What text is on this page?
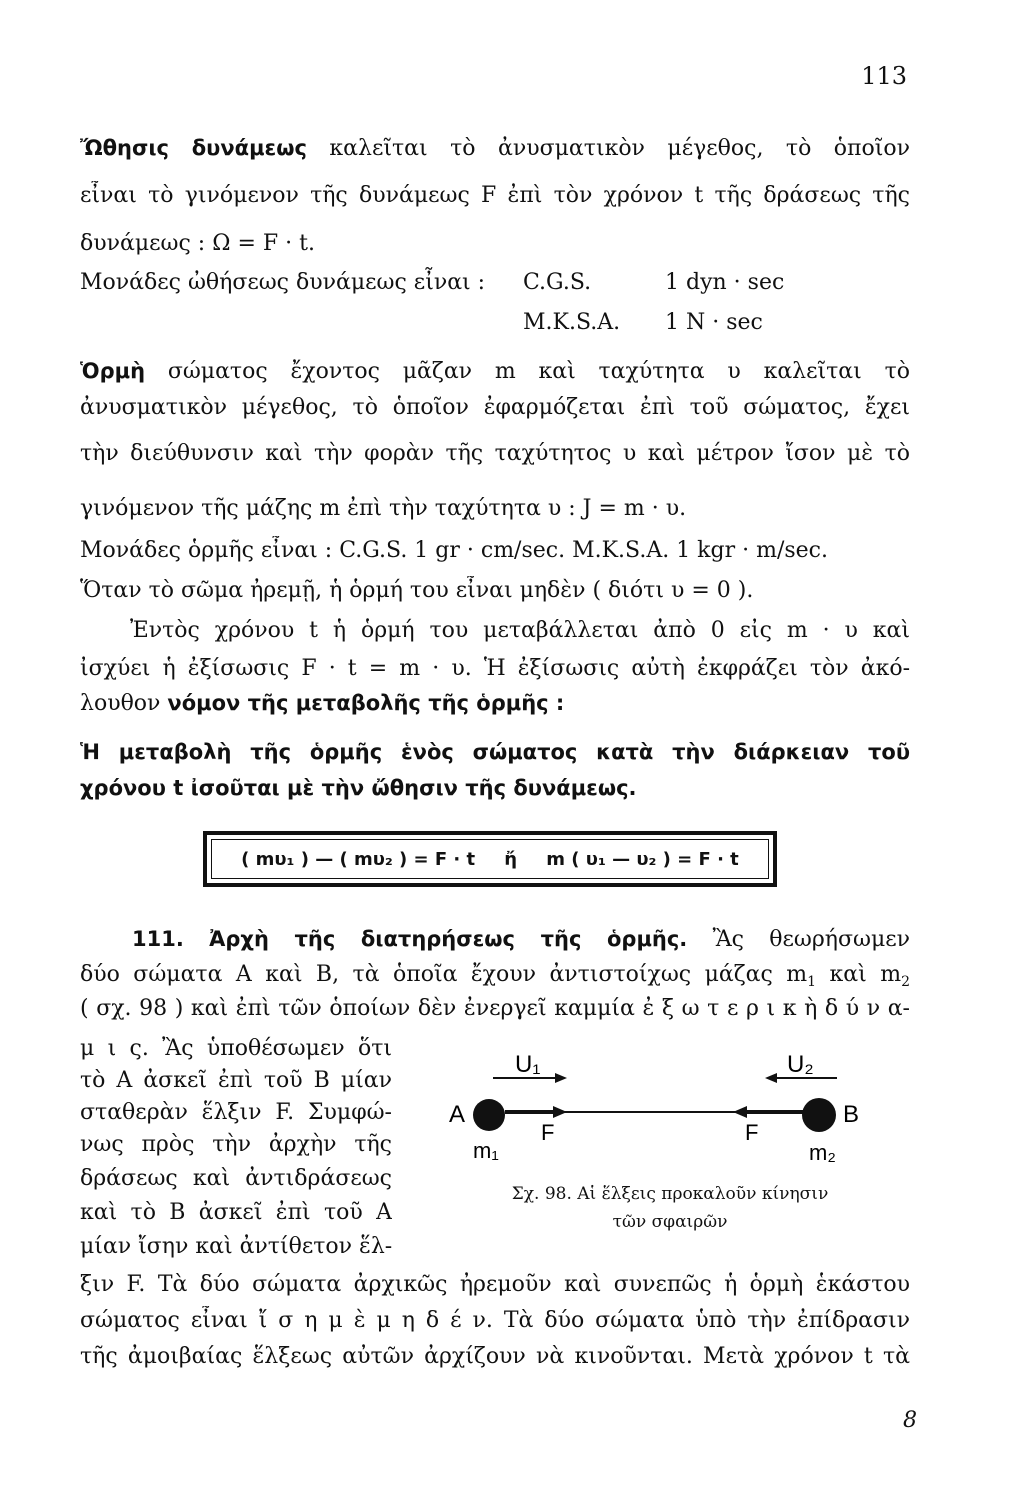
113
Ὤθησις δυνάμεως καλεῖται τὸ ἀνυσματικὸν μέγεθος, τὸ ὁποῖον
εἶναι τὸ γινόμενον τῆς δυνάμεως F ἐπὶ τὸν χρόνον t τῆς δράσεως τῆς
δυνάμεως : Ω = F · t.
Μονάδες ὠθήσεως δυνάμεως εἶναι : C.G.S.	1 dyn · sec
M.K.S.A. 1 N · sec
Ὁρμὴ σώματος ἔχοντος μᾶζαν m καὶ ταχύτητα υ καλεῖται τὸ
ἀνυσματικὸν μέγεθος, τὸ ὁποῖον ἐφαρμόζεται ἐπὶ τοῦ σώματος, ἔχει
τὴν διεύθυνσιν καὶ τὴν φορὰν τῆς ταχύτητος υ καὶ μέτρον ἴσον μὲ τὸ
γινόμενον τῆς μάζης m ἐπὶ τὴν ταχύτητα υ : J = m · υ.
Μονάδες ὁρμῆς εἶναι : C.G.S. 1 gr · cm/sec. M.K.S.A. 1 kgr · m/sec.
Ὅταν τὸ σῶμα ἠρεμῇ, ἡ ὁρμή του εἶναι μηδὲν ( διότι υ = 0 ).
Ἐντὸς χρόνου t ἡ ὁρμή του μεταβάλλεται ἀπὸ 0 εἰς m · υ καὶ
ἰσχύει ἡ ἐξίσωσις F · t = m · υ. Ἡ ἐξίσωσις αὐτὴ ἐκφράζει τὸν ἀκό-
λουθον νόμον τῆς μεταβολῆς τῆς ὁρμῆς :
Ἡ μεταβολὴ τῆς ὁρμῆς ἑνὸς σώματος κατὰ τὴν διάρκειαν τοῦ
χρόνου t ἰσοῦται μὲ τὴν ὤθησιν τῆς δυνάμεως.
( mυ₁ ) — ( mυ₂ ) = F · t ἤ m ( υ₁ — υ₂ ) = F · t
111. Ἀρχὴ τῆς διατηρήσεως τῆς ὁρμῆς. Ἂς θεωρήσωμεν
δύο σώματα A καὶ B, τὰ ὁποῖα ἔχουν ἀντιστοίχως μάζας $m_1$ καὶ $m_2$
( σχ. 98 ) καὶ ἐπὶ τῶν ὁποίων δὲν ἐνεργεῖ καμμία ἐ ξ ω τ ε ρ ι κ ὴ δ ύ ν α-
μ ι ς. Ἂς ὑποθέσωμεν ὅτι
τὸ A ἀσκεῖ ἐπὶ τοῦ B μίαν
σταθερὰν ἕλξιν F. Συμφώ-
νως πρὸς τὴν ἀρχὴν τῆς
δράσεως καὶ ἀντιδράσεως
καὶ τὸ B ἀσκεῖ ἐπὶ τοῦ A
μίαν ἴσην καὶ ἀντίθετον ἕλ-
U₁	U₂
A	B
F	F
m₁	m₂
Σχ. 98. Αἱ ἕλξεις προκαλοῦν κίνησιν
τῶν σφαιρῶν
ξιν F. Τὰ δύο σώματα ἀρχικῶς ἠρεμοῦν καὶ συνεπῶς ἡ ὁρμὴ ἑκάστου
σώματος εἶναι ἴ σ η μ ὲ μ η δ έ ν. Τὰ δύο σώματα ὑπὸ τὴν ἐπίδρασιν
τῆς ἀμοιβαίας ἕλξεως αὐτῶν ἀρχίζουν νὰ κινοῦνται. Μετὰ χρόνον t τὰ
8
